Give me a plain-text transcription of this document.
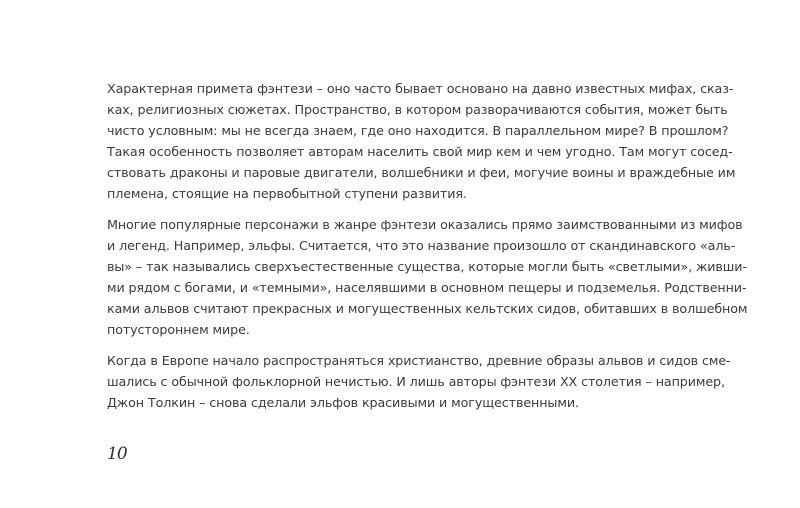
Характерная примета фэнтези – оно часто бывает основано на давно известных мифах, сказ-
ках, религиозных сюжетах. Пространство, в котором разворачиваются события, может быть
чисто условным: мы не всегда знаем, где оно находится. В параллельном мире? В прошлом?
Такая особенность позволяет авторам населить свой мир кем и чем угодно. Там могут сосед-
ствовать драконы и паровые двигатели, волшебники и феи, могучие воины и враждебные им
племена, стоящие на первобытной ступени развития.

Многие популярные персонажи в жанре фэнтези оказались прямо заимствованными из мифов
и легенд. Например, эльфы. Считается, что это название произошло от скандинавского «аль-
вы» – так назывались сверхъестественные существа, которые могли быть «светлыми», живши-
ми рядом с богами, и «темными», населявшими в основном пещеры и подземелья. Родственни-
ками альвов считают прекрасных и могущественных кельтских сидов, обитавших в волшебном
потустороннем мире.

Когда в Европе начало распространяться христианство, древние образы альвов и сидов сме-
шались с обычной фольклорной нечистью. И лишь авторы фэнтези XX столетия – например,
Джон Толкин – снова сделали эльфов красивыми и могущественными.

10
